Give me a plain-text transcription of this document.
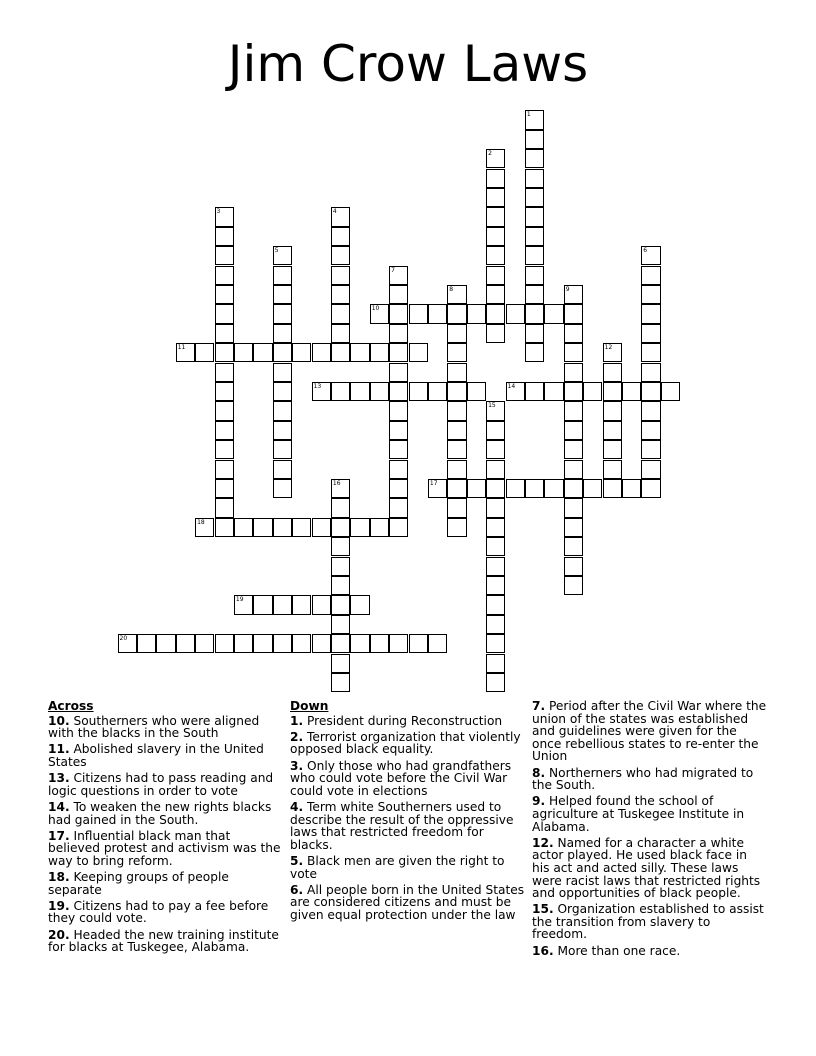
Jim Crow Laws
1
2
3	4
5	6
7
8	9
10
11	12
13	14
15
16	17
18
19
20
Across
10. Southerners who were aligned with the blacks in the South
11. Abolished slavery in the United States
13. Citizens had to pass reading and logic questions in order to vote
14. To weaken the new rights blacks had gained in the South.
17. Influential black man that believed protest and activism was the way to bring reform.
18. Keeping groups of people separate
19. Citizens had to pay a fee before they could vote.
20. Headed the new training institute for blacks at Tuskegee, Alabama.
Down
1. President during Reconstruction
2. Terrorist organization that violently opposed black equality.
3. Only those who had grandfathers who could vote before the Civil War could vote in elections
4. Term white Southerners used to describe the result of the oppressive laws that restricted freedom for blacks.
5. Black men are given the right to vote
6. All people born in the United States are considered citizens and must be given equal protection under the law
7. Period after the Civil War where the union of the states was established and guidelines were given for the once rebellious states to re-enter the Union
8. Northerners who had migrated to the South.
9. Helped found the school of agriculture at Tuskegee Institute in Alabama.
12. Named for a character a white actor played. He used black face in his act and acted silly. These laws were racist laws that restricted rights and opportunities of black people.
15. Organization established to assist the transition from slavery to freedom.
16. More than one race.
